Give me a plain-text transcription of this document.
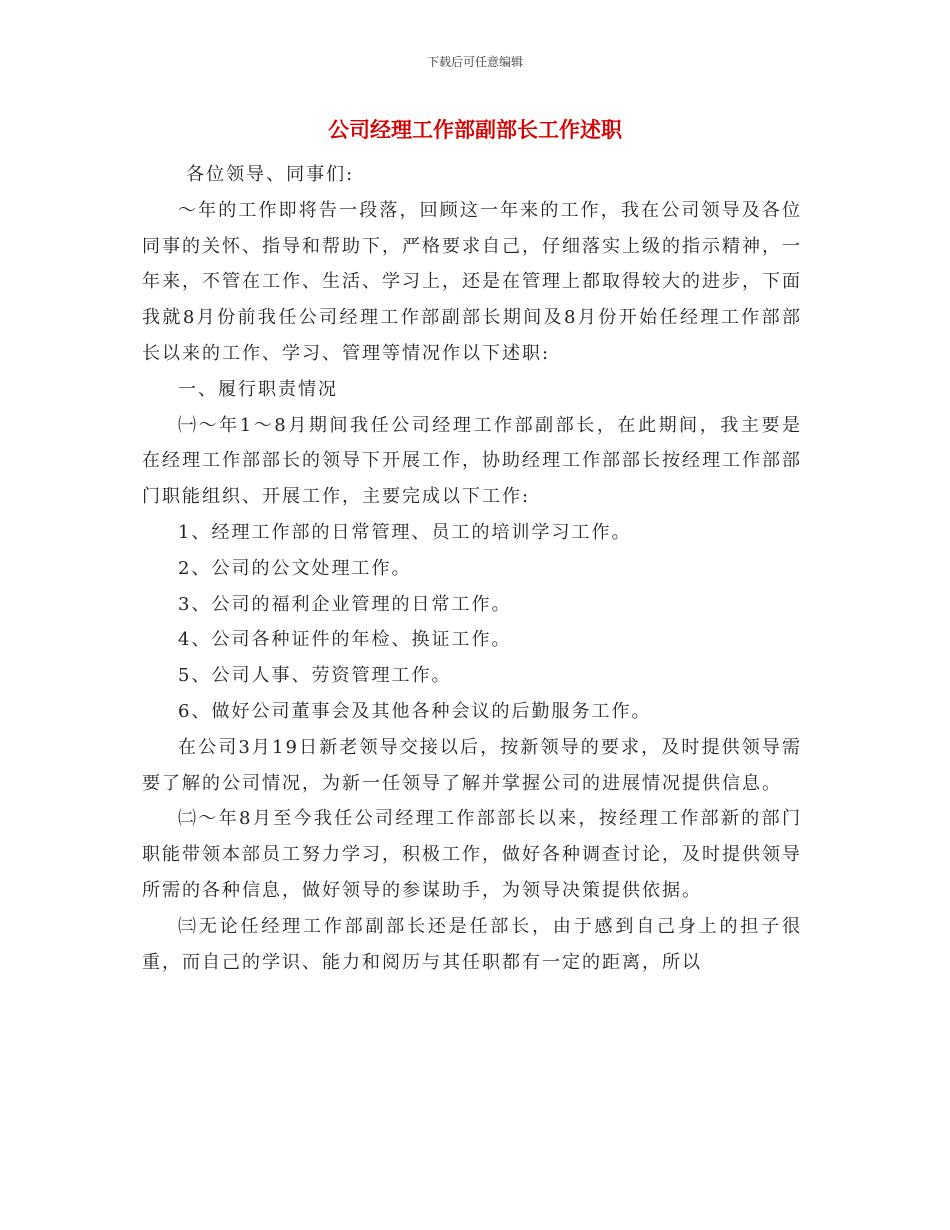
下载后可任意编辑
公司经理工作部副部长工作述职

各位领导、同事们:

～年的工作即将告一段落，回顾这一年来的工作，我在公司领导及各位同事的关怀、指导和帮助下，严格要求自己，仔细落实上级的指示精神，一年来，不管在工作、生活、学习上，还是在管理上都取得较大的进步，下面我就8月份前我任公司经理工作部副部长期间及8月份开始任经理工作部部长以来的工作、学习、管理等情况作以下述职:

一、履行职责情况

㈠～年1～8月期间我任公司经理工作部副部长，在此期间，我主要是在经理工作部部长的领导下开展工作，协助经理工作部部长按经理工作部部门职能组织、开展工作，主要完成以下工作:

1、经理工作部的日常管理、员工的培训学习工作。

2、公司的公文处理工作。

3、公司的福利企业管理的日常工作。

4、公司各种证件的年检、换证工作。

5、公司人事、劳资管理工作。

6、做好公司董事会及其他各种会议的后勤服务工作。

在公司3月19日新老领导交接以后，按新领导的要求，及时提供领导需要了解的公司情况，为新一任领导了解并掌握公司的进展情况提供信息。

㈡～年8月至今我任公司经理工作部部长以来，按经理工作部新的部门职能带领本部员工努力学习，积极工作，做好各种调查讨论，及时提供领导所需的各种信息，做好领导的参谋助手，为领导决策提供依据。

㈢无论任经理工作部副部长还是任部长，由于感到自己身上的担子很重，而自己的学识、能力和阅历与其任职都有一定的距离，所以
